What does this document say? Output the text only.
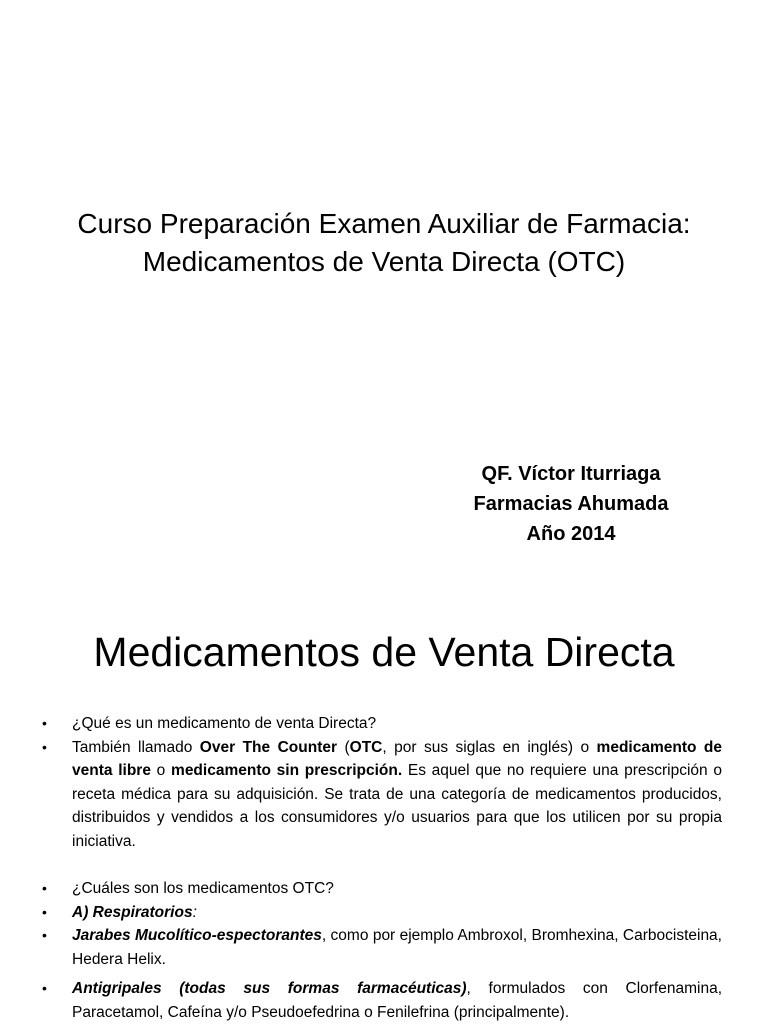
Curso Preparación Examen Auxiliar de Farmacia:
Medicamentos de Venta Directa (OTC)
QF. Víctor Iturriaga
Farmacias Ahumada
Año 2014
Medicamentos de Venta Directa
• ¿Qué es un medicamento de venta Directa?
• También llamado Over The Counter (OTC, por sus siglas en inglés) o medicamento de venta libre o medicamento sin prescripción. Es aquel que no requiere una prescripción o receta médica para su adquisición. Se trata de una categoría de medicamentos producidos, distribuidos y vendidos a los consumidores y/o usuarios para que los utilicen por su propia iniciativa.
• ¿Cuáles son los medicamentos OTC?
• A) Respiratorios:
• Jarabes Mucolítico-espectorantes, como por ejemplo Ambroxol, Bromhexina, Carbocisteina, Hedera Helix.
• Antigripales (todas sus formas farmacéuticas), formulados con Clorfenamina, Paracetamol, Cafeína y/o Pseudoefedrina o Fenilefrina (principalmente).
